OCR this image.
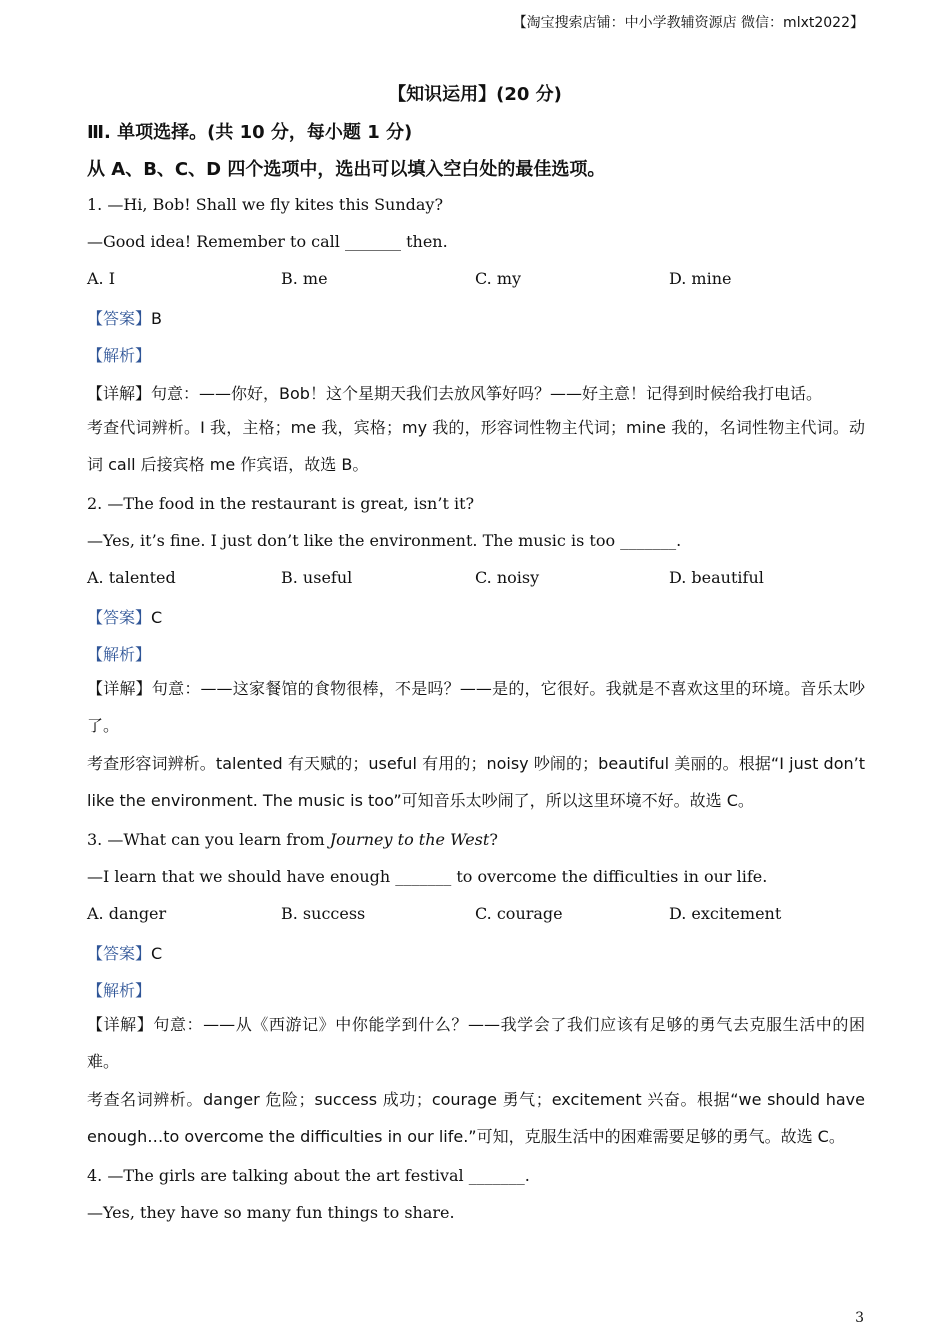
【淘宝搜索店铺：中小学教辅资源店 微信：mlxt2022】
【知识运用】(20 分)
Ⅲ. 单项选择。(共 10 分，每小题 1 分)
从 A、B、C、D 四个选项中，选出可以填入空白处的最佳选项。
1. —Hi, Bob! Shall we fly kites this Sunday?
—Good idea! Remember to call _______ then.
A. I	B. me	C. my	D. mine
【答案】B
【解析】
【详解】句意：——你好，Bob！这个星期天我们去放风筝好吗？——好主意！记得到时候给我打电话。
考查代词辨析。I 我，主格；me 我，宾格；my 我的，形容词性物主代词；mine 我的，名词性物主代词。动词 call 后接宾格 me 作宾语，故选 B。
2. —The food in the restaurant is great, isn’t it?
—Yes, it’s fine. I just don’t like the environment. The music is too _______.
A. talented	B. useful	C. noisy	D. beautiful
【答案】C
【解析】
【详解】句意：——这家餐馆的食物很棒，不是吗？——是的，它很好。我就是不喜欢这里的环境。音乐太吵了。
考查形容词辨析。talented 有天赋的；useful 有用的；noisy 吵闹的；beautiful 美丽的。根据“I just don’t like the environment. The music is too”可知音乐太吵闹了，所以这里环境不好。故选 C。
3. —What can you learn from Journey to the West?
—I learn that we should have enough _______ to overcome the difficulties in our life.
A. danger	B. success	C. courage	D. excitement
【答案】C
【解析】
【详解】句意：——从《西游记》中你能学到什么？——我学会了我们应该有足够的勇气去克服生活中的困难。
考查名词辨析。danger 危险；success 成功；courage 勇气；excitement 兴奋。根据“we should have enough…to overcome the difficulties in our life.”可知，克服生活中的困难需要足够的勇气。故选 C。
4. —The girls are talking about the art festival _______.
—Yes, they have so many fun things to share.
3
